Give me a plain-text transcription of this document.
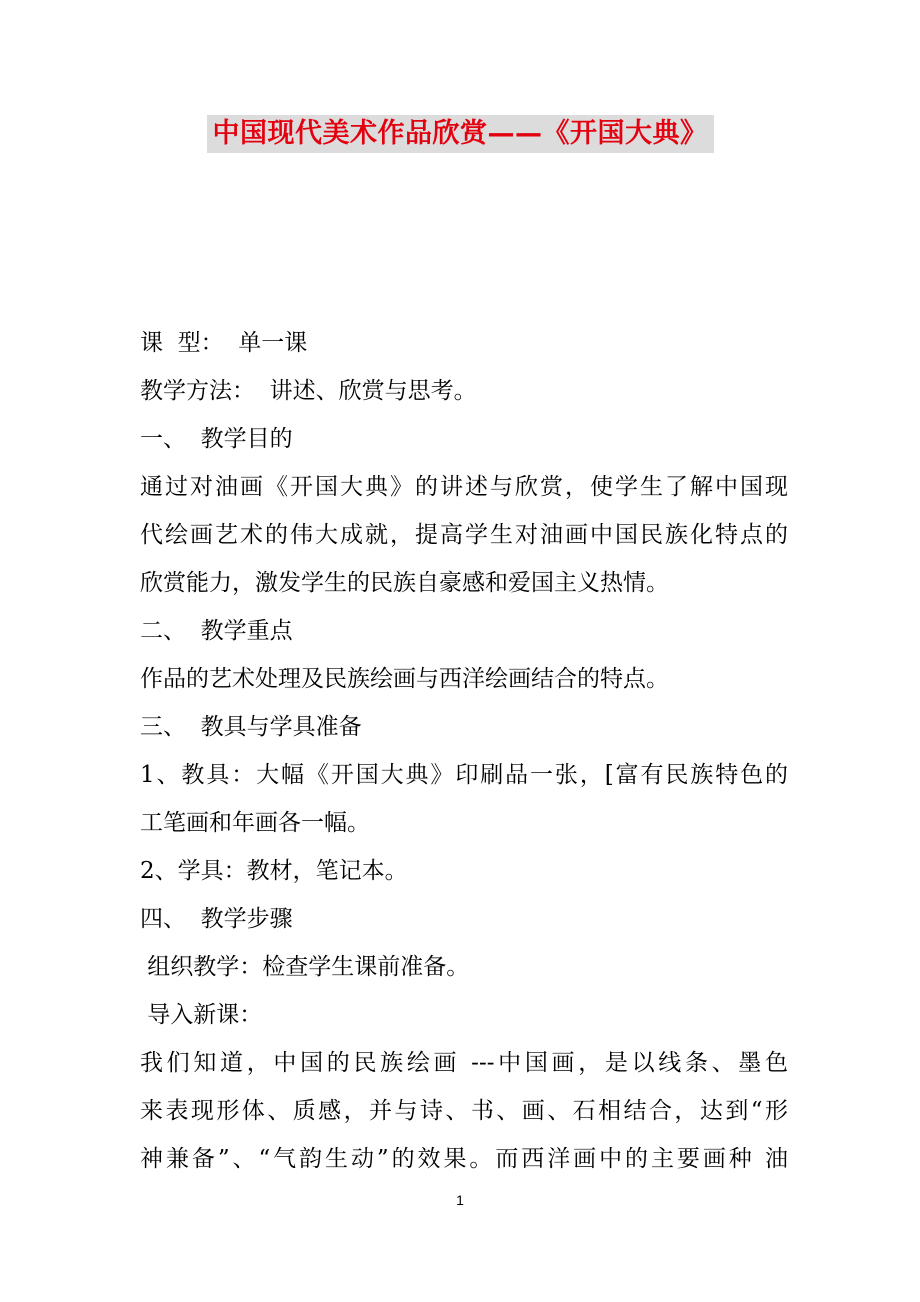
中国现代美术作品欣赏——《开国大典》
课  型：  单一课
教学方法：  讲述、欣赏与思考。
一、  教学目的
通过对油画《开国大典》的讲述与欣赏，使学生了解中国现
代绘画艺术的伟大成就，提高学生对油画中国民族化特点的
欣赏能力，激发学生的民族自豪感和爱国主义热情。
二、  教学重点
作品的艺术处理及民族绘画与西洋绘画结合的特点。
三、  教具与学具准备
1、教具：大幅《开国大典》印刷品一张，[富有民族特色的
工笔画和年画各一幅。
2、学具：教材，笔记本。
四、  教学步骤
组织教学：检查学生课前准备。
导入新课：
我们知道，中国的民族绘画 ---中国画，是以线条、墨色
来表现形体、质感，并与诗、书、画、石相结合，达到“形
神兼备”、“气韵生动”的效果。而西洋画中的主要画种 油
1
